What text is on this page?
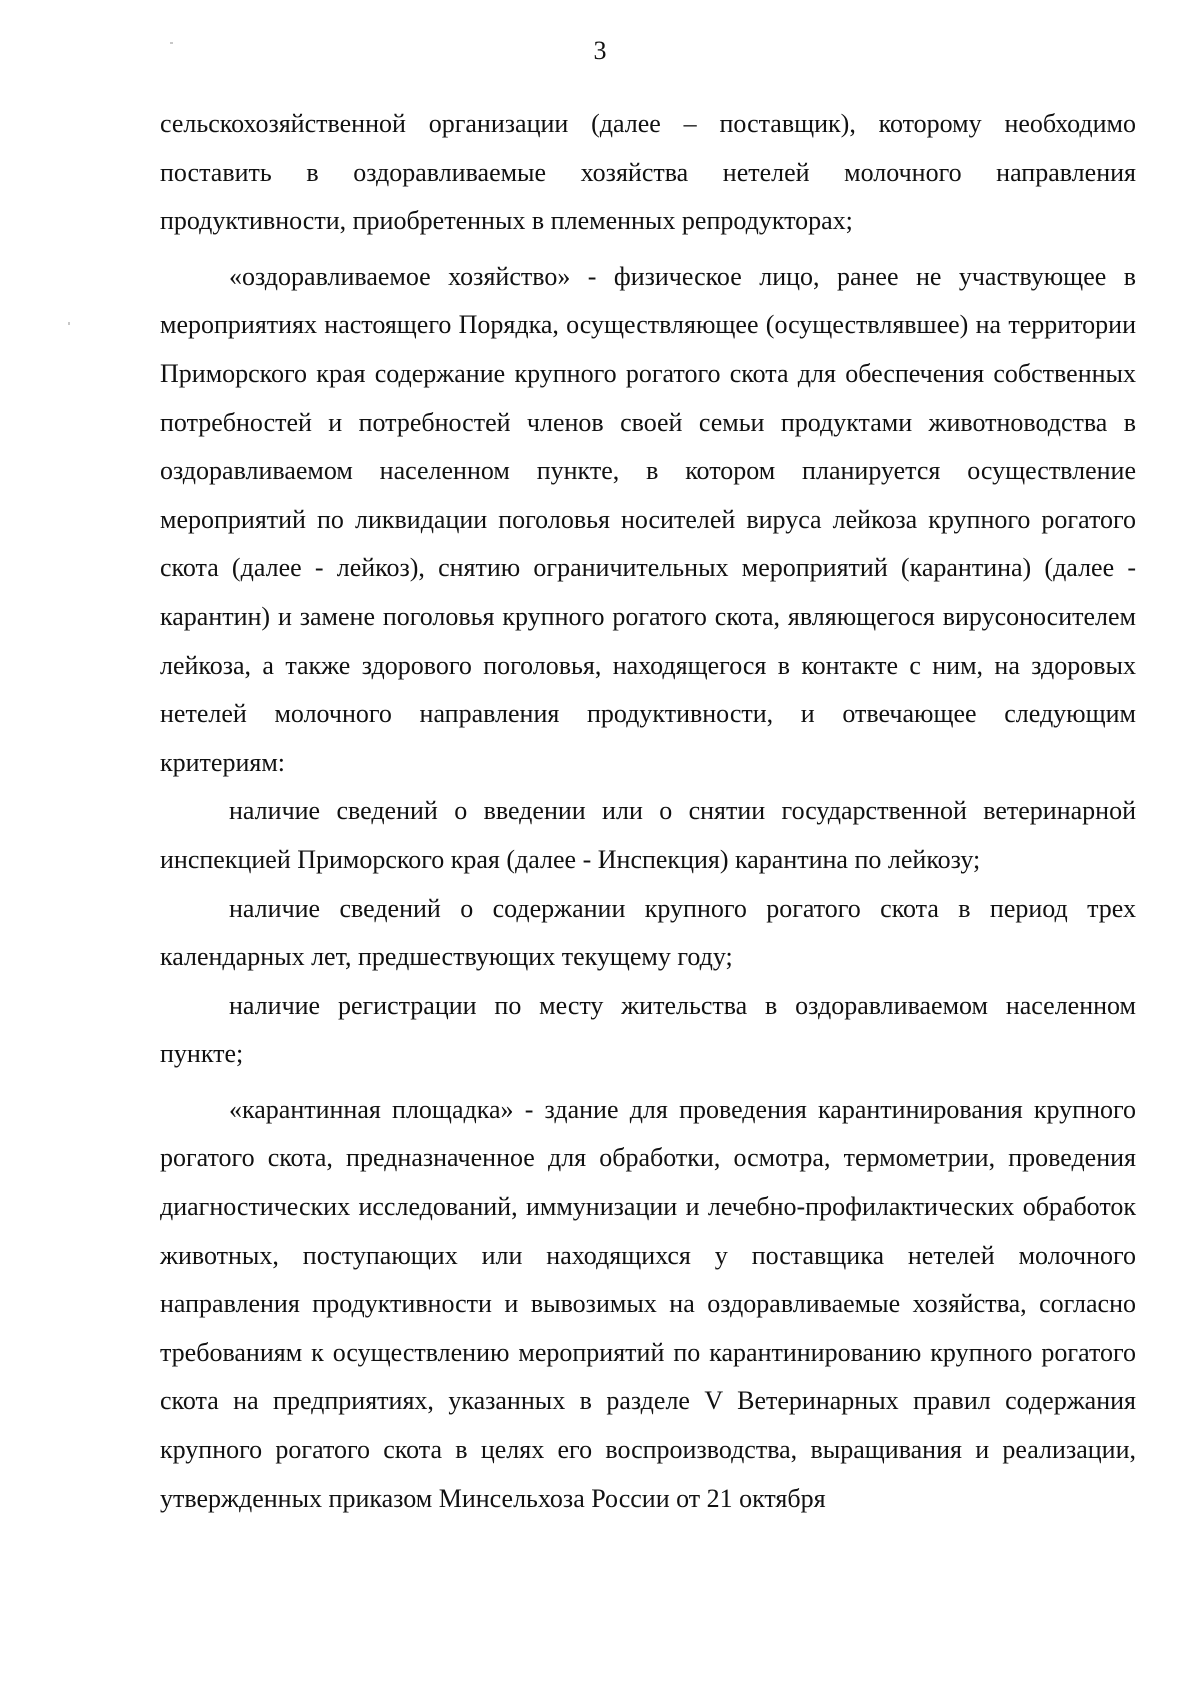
3

сельскохозяйственной организации (далее – поставщик), которому необходимо поставить в оздоравливаемые хозяйства нетелей молочного направления продуктивности, приобретенных в племенных репродукторах;

«оздоравливаемое хозяйство» - физическое лицо, ранее не участвующее в мероприятиях настоящего Порядка, осуществляющее (осуществлявшее) на территории Приморского края содержание крупного рогатого скота для обеспечения собственных потребностей и потребностей членов своей семьи продуктами животноводства в оздоравливаемом населенном пункте, в котором планируется осуществление мероприятий по ликвидации поголовья носителей вируса лейкоза крупного рогатого скота (далее - лейкоз), снятию ограничительных мероприятий (карантина) (далее - карантин) и замене поголовья крупного рогатого скота, являющегося вирусоносителем лейкоза, а также здорового поголовья, находящегося в контакте с ним, на здоровых нетелей молочного направления продуктивности, и отвечающее следующим критериям:

наличие сведений о введении или о снятии государственной ветеринарной инспекцией Приморского края (далее - Инспекция) карантина по лейкозу;

наличие сведений о содержании крупного рогатого скота в период трех календарных лет, предшествующих текущему году;

наличие регистрации по месту жительства в оздоравливаемом населенном пункте;

«карантинная площадка» - здание для проведения карантинирования крупного рогатого скота, предназначенное для обработки, осмотра, термометрии, проведения диагностических исследований, иммунизации и лечебно-профилактических обработок животных, поступающих или находящихся у поставщика нетелей молочного направления продуктивности и вывозимых на оздоравливаемые хозяйства, согласно требованиям к осуществлению мероприятий по карантинированию крупного рогатого скота на предприятиях, указанных в разделе V Ветеринарных правил содержания крупного рогатого скота в целях его воспроизводства, выращивания и реализации, утвержденных приказом Минсельхоза России от 21 октября
